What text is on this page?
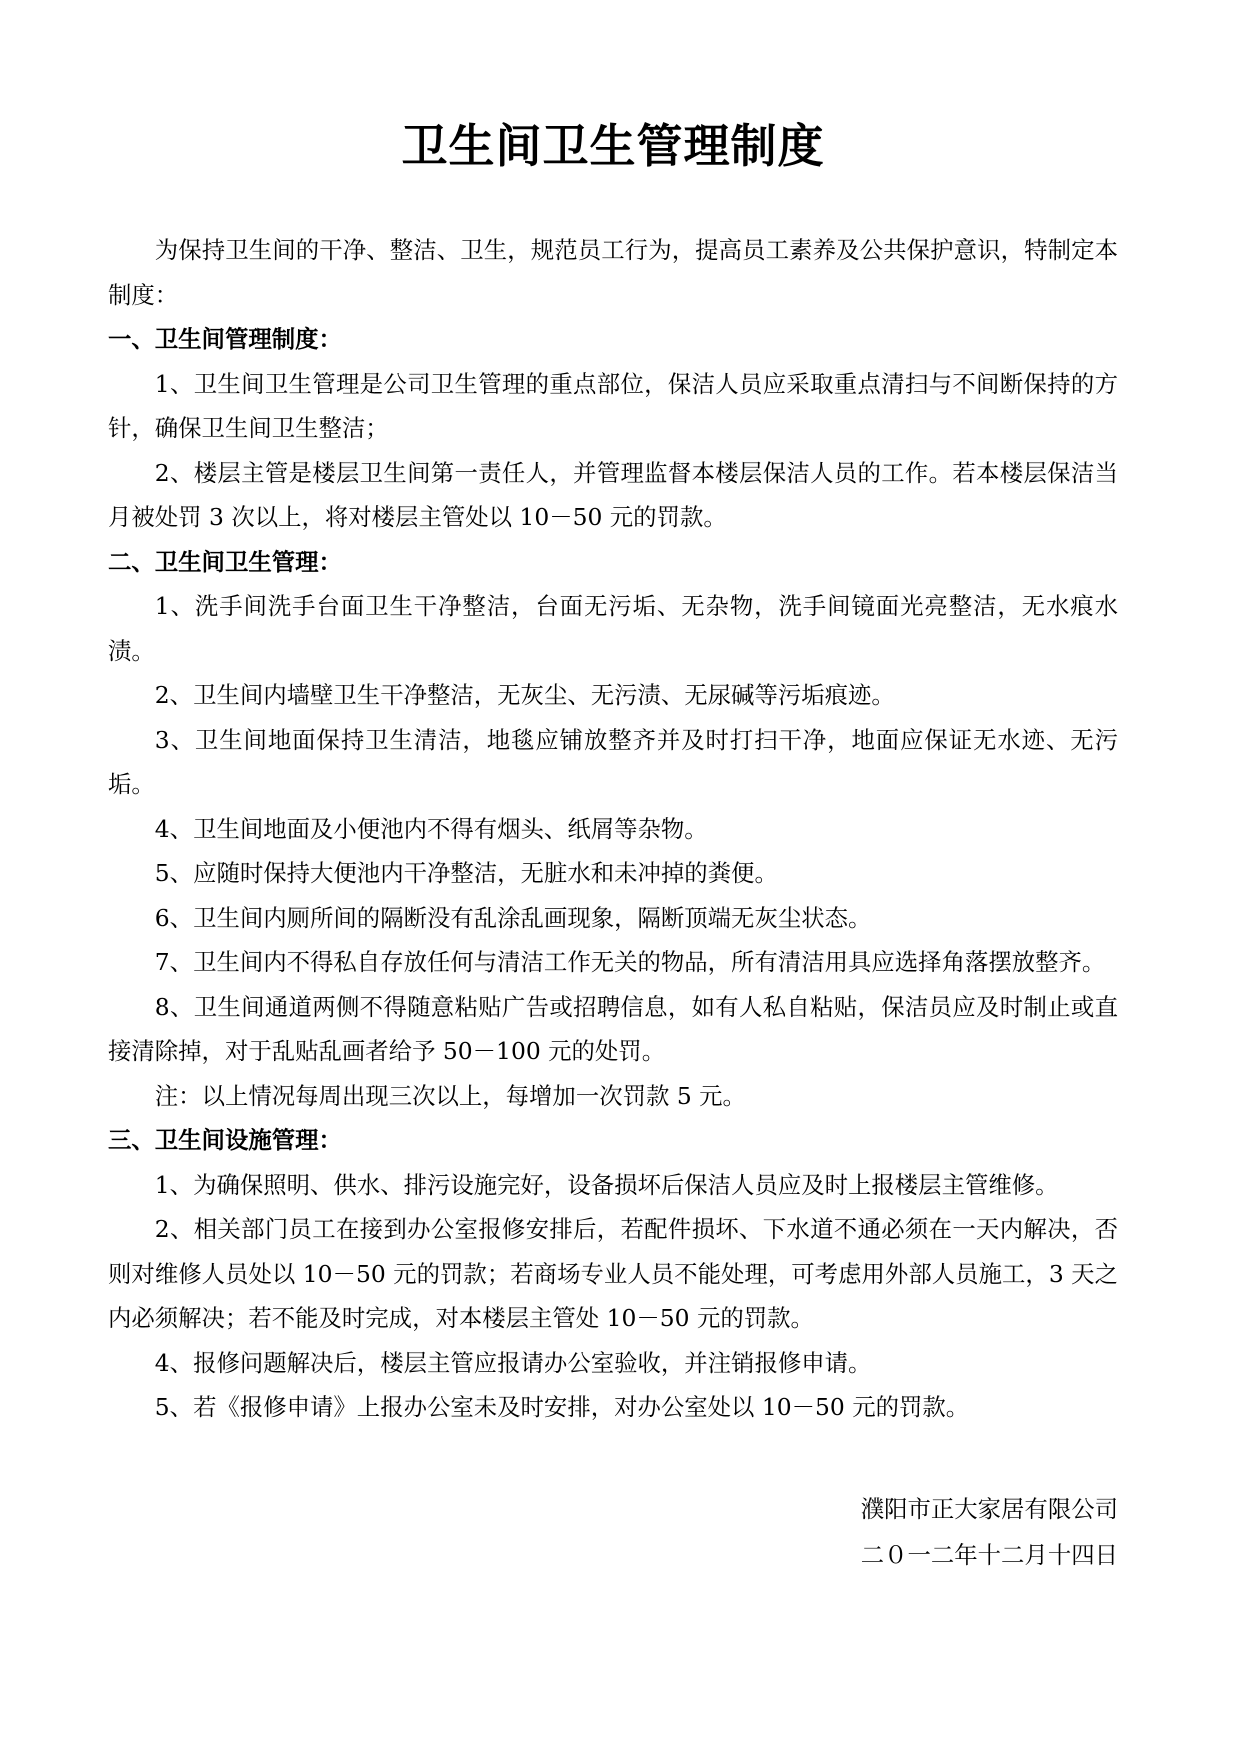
卫生间卫生管理制度

为保持卫生间的干净、整洁、卫生，规范员工行为，提高员工素养及公共保护意识，特制定本制度：

一、卫生间管理制度：

1、卫生间卫生管理是公司卫生管理的重点部位，保洁人员应采取重点清扫与不间断保持的方针，确保卫生间卫生整洁；

2、楼层主管是楼层卫生间第一责任人，并管理监督本楼层保洁人员的工作。若本楼层保洁当月被处罚 3 次以上，将对楼层主管处以 10－50 元的罚款。

二、卫生间卫生管理：

1、洗手间洗手台面卫生干净整洁，台面无污垢、无杂物，洗手间镜面光亮整洁，无水痕水渍。

2、卫生间内墙壁卫生干净整洁，无灰尘、无污渍、无尿碱等污垢痕迹。

3、卫生间地面保持卫生清洁，地毯应铺放整齐并及时打扫干净，地面应保证无水迹、无污垢。

4、卫生间地面及小便池内不得有烟头、纸屑等杂物。

5、应随时保持大便池内干净整洁，无脏水和未冲掉的粪便。

6、卫生间内厕所间的隔断没有乱涂乱画现象，隔断顶端无灰尘状态。

7、卫生间内不得私自存放任何与清洁工作无关的物品，所有清洁用具应选择角落摆放整齐。

8、卫生间通道两侧不得随意粘贴广告或招聘信息，如有人私自粘贴，保洁员应及时制止或直接清除掉，对于乱贴乱画者给予 50－100 元的处罚。

注：以上情况每周出现三次以上，每增加一次罚款 5 元。

三、卫生间设施管理：

1、为确保照明、供水、排污设施完好，设备损坏后保洁人员应及时上报楼层主管维修。

2、相关部门员工在接到办公室报修安排后，若配件损坏、下水道不通必须在一天内解决，否则对维修人员处以 10－50 元的罚款；若商场专业人员不能处理，可考虑用外部人员施工，3 天之内必须解决；若不能及时完成，对本楼层主管处 10－50 元的罚款。

4、报修问题解决后，楼层主管应报请办公室验收，并注销报修申请。

5、若《报修申请》上报办公室未及时安排，对办公室处以 10－50 元的罚款。

濮阳市正大家居有限公司
二０一二年十二月十四日
